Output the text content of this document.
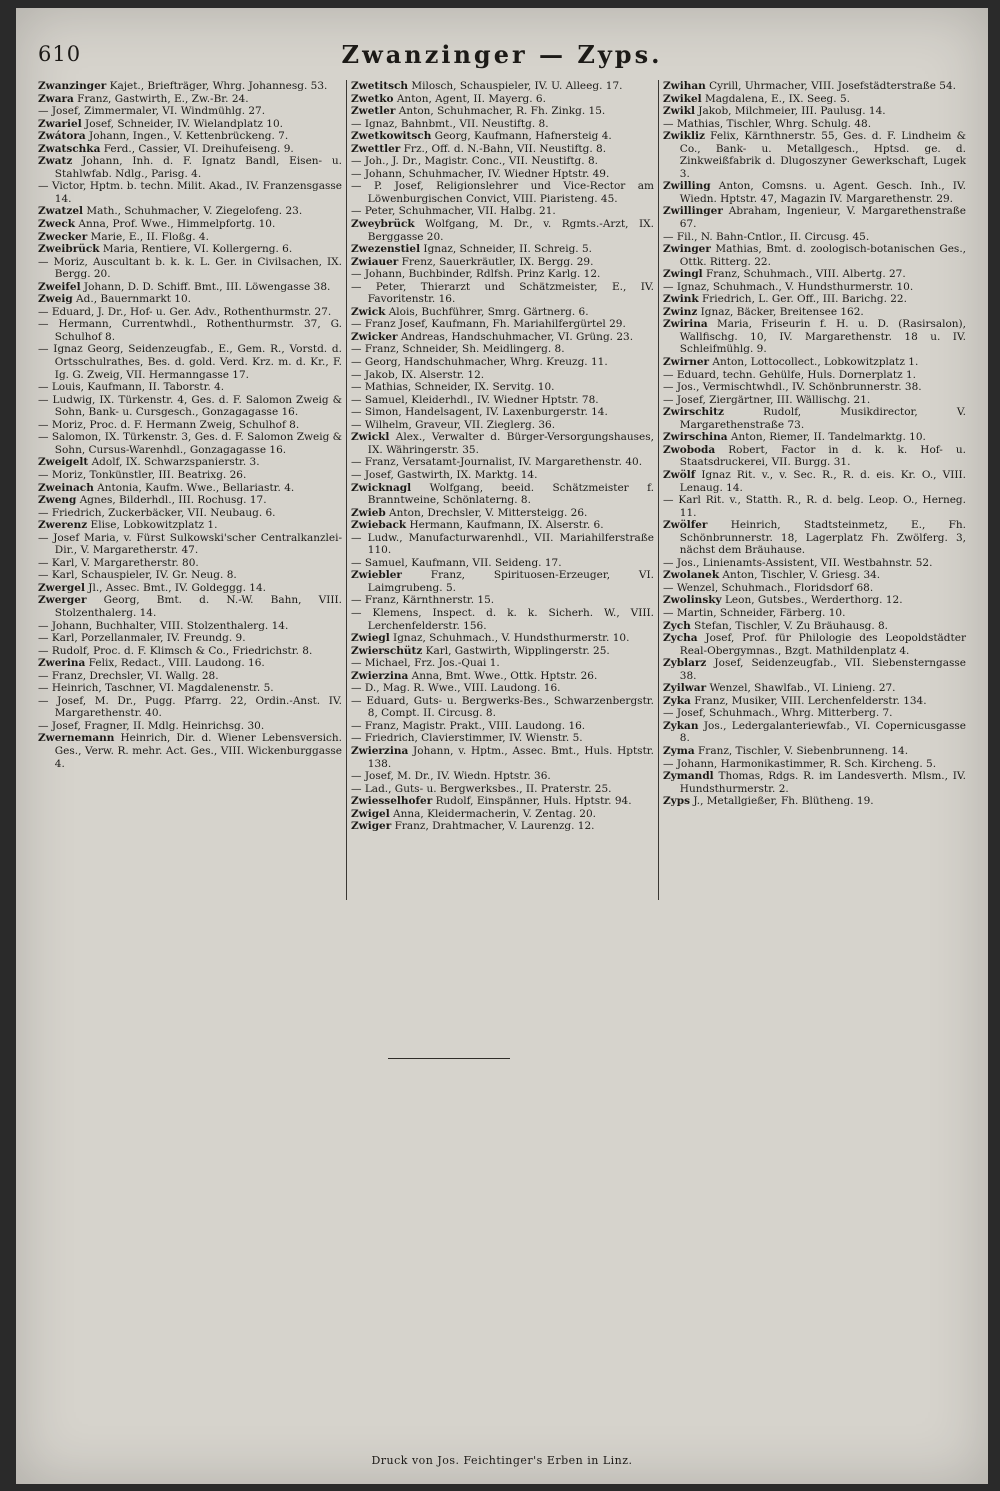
610	Zwanzinger — Zyps.

Zwanzinger Kajet., Briefträger, Whrg. Johannesg. 53.

Zwara Franz, Gastwirth, E., Zw.-Br. 24.

— Josef, Zimmermaler, VI. Windmühlg. 27.

Zwariel Josef, Schneider, IV. Wielandplatz 10.

Zwátora Johann, Ingen., V. Kettenbrückeng. 7.

Zwatschka Ferd., Cassier, VI. Dreihufeiseng. 9.

Zwatz Johann, Inh. d. F. Ignatz Bandl, Eisen- u. Stahlwfab. Ndlg., Parisg. 4.

— Victor, Hptm. b. techn. Milit. Akad., IV. Franzensgasse 14.

Zwatzel Math., Schuhmacher, V. Ziegelofeng. 23.

Zweck Anna, Prof. Wwe., Himmelpfortg. 10.

Zwecker Marie, E., II. Floßg. 4.

Zweibrück Maria, Rentiere, VI. Kollergerng. 6.

— Moriz, Auscultant b. k. k. L. Ger. in Civilsachen, IX. Bergg. 20.

Zweifel Johann, D. D. Schiff. Bmt., III. Löwengasse 38.

Zweig Ad., Bauernmarkt 10.

— Eduard, J. Dr., Hof- u. Ger. Adv., Rothenthurmstr. 27.

— Hermann, Currentwhdl., Rothenthurmstr. 37, G. Schulhof 8.

— Ignaz Georg, Seidenzeugfab., E., Gem. R., Vorstd. d. Ortsschulrathes, Bes. d. gold. Verd. Krz. m. d. Kr., F. Ig. G. Zweig, VII. Hermanngasse 17.

— Louis, Kaufmann, II. Taborstr. 4.

— Ludwig, IX. Türkenstr. 4, Ges. d. F. Salomon Zweig & Sohn, Bank- u. Cursgesch., Gonzagagasse 16.

— Moriz, Proc. d. F. Hermann Zweig, Schulhof 8.

— Salomon, IX. Türkenstr. 3, Ges. d. F. Salomon Zweig & Sohn, Cursus-Warenhdl., Gonzagagasse 16.

Zweigelt Adolf, IX. Schwarzspanierstr. 3.

— Moriz, Tonkünstler, III. Beatrixg. 26.

Zweinach Antonia, Kaufm. Wwe., Bellariastr. 4.

Zweng Agnes, Bilderhdl., III. Rochusg. 17.

— Friedrich, Zuckerbäcker, VII. Neubaug. 6.

Zwerenz Elise, Lobkowitzplatz 1.

— Josef Maria, v. Fürst Sulkowski'scher Centralkanzlei-Dir., V. Margaretherstr. 47.

— Karl, V. Margaretherstr. 80.

— Karl, Schauspieler, IV. Gr. Neug. 8.

Zwergel Jl., Assec. Bmt., IV. Goldeggg. 14.

Zwerger Georg, Bmt. d. N.-W. Bahn, VIII. Stolzenthalerg. 14.

— Johann, Buchhalter, VIII. Stolzenthalerg. 14.

— Karl, Porzellanmaler, IV. Freundg. 9.

— Rudolf, Proc. d. F. Klimsch & Co., Friedrichstr. 8.

Zwerina Felix, Redact., VIII. Laudong. 16.

— Franz, Drechsler, VI. Wallg. 28.

— Heinrich, Taschner, VI. Magdalenenstr. 5.

— Josef, M. Dr., Pugg. Pfarrg. 22, Ordin.-Anst. IV. Margarethenstr. 40.

— Josef, Fragner, II. Mdlg. Heinrichsg. 30.

Zwernemann Heinrich, Dir. d. Wiener Lebensversich. Ges., Verw. R. mehr. Act. Ges., VIII. Wickenburggasse 4.

Zwetitsch Milosch, Schauspieler, IV. U. Alleeg. 17.

Zwetko Anton, Agent, II. Mayerg. 6.

Zwetler Anton, Schuhmacher, R. Fh. Zinkg. 15.

— Ignaz, Bahnbmt., VII. Neustiftg. 8.

Zwetkowitsch Georg, Kaufmann, Hafnersteig 4.

Zwettler Frz., Off. d. N.-Bahn, VII. Neustiftg. 8.

— Joh., J. Dr., Magistr. Conc., VII. Neustiftg. 8.

— Johann, Schuhmacher, IV. Wiedner Hptstr. 49.

— P. Josef, Religionslehrer und Vice-Rector am Löwenburgischen Convict, VIII. Piaristeng. 45.

— Peter, Schuhmacher, VII. Halbg. 21.

Zweybrück Wolfgang, M. Dr., v. Rgmts.-Arzt, IX. Berggasse 20.

Zwezenstiel Ignaz, Schneider, II. Schreig. 5.

Zwiauer Frenz, Sauerkräutler, IX. Bergg. 29.

— Johann, Buchbinder, Rdlfsh. Prinz Karlg. 12.

— Peter, Thierarzt und Schätzmeister, E., IV. Favoritenstr. 16.

Zwick Alois, Buchführer, Smrg. Gärtnerg. 6.

— Franz Josef, Kaufmann, Fh. Mariahilfergürtel 29.

Zwicker Andreas, Handschuhmacher, VI. Grüng. 23.

— Franz, Schneider, Sh. Meidlingerg. 8.

— Georg, Handschuhmacher, Whrg. Kreuzg. 11.

— Jakob, IX. Alserstr. 12.

— Mathias, Schneider, IX. Servitg. 10.

— Samuel, Kleiderhdl., IV. Wiedner Hptstr. 78.

— Simon, Handelsagent, IV. Laxenburgerstr. 14.

— Wilhelm, Graveur, VII. Zieglerg. 36.

Zwickl Alex., Verwalter d. Bürger-Versorgungshauses, IX. Währingerstr. 35.

— Franz, Versatamt-Journalist, IV. Margarethenstr. 40.

— Josef, Gastwirth, IX. Marktg. 14.

Zwicknagl Wolfgang, beeid. Schätzmeister f. Branntweine, Schönlaterng. 8.

Zwieb Anton, Drechsler, V. Mittersteigg. 26.

Zwieback Hermann, Kaufmann, IX. Alserstr. 6.

— Ludw., Manufacturwarenhdl., VII. Mariahilferstraße 110.

— Samuel, Kaufmann, VII. Seideng. 17.

Zwiebler Franz, Spirituosen-Erzeuger, VI. Laimgrubeng. 5.

— Franz, Kärnthnerstr. 15.

— Klemens, Inspect. d. k. k. Sicherh. W., VIII. Lerchenfelderstr. 156.

Zwiegl Ignaz, Schuhmach., V. Hundsthurmerstr. 10.

Zwierschütz Karl, Gastwirth, Wipplingerstr. 25.

— Michael, Frz. Jos.-Quai 1.

Zwierzina Anna, Bmt. Wwe., Ottk. Hptstr. 26.

— D., Mag. R. Wwe., VIII. Laudong. 16.

— Eduard, Guts- u. Bergwerks-Bes., Schwarzenbergstr. 8, Compt. II. Circusg. 8.

— Franz, Magistr. Prakt., VIII. Laudong. 16.

— Friedrich, Clavierstimmer, IV. Wienstr. 5.

Zwierzina Johann, v. Hptm., Assec. Bmt., Huls. Hptstr. 138.

— Josef, M. Dr., IV. Wiedn. Hptstr. 36.

— Lad., Guts- u. Bergwerksbes., II. Praterstr. 25.

Zwiesselhofer Rudolf, Einspänner, Huls. Hptstr. 94.

Zwigel Anna, Kleidermacherin, V. Zentag. 20.

Zwiger Franz, Drahtmacher, V. Laurenzg. 12.

Zwihan Cyrill, Uhrmacher, VIII. Josefstädterstraße 54.

Zwikel Magdalena, E., IX. Seeg. 5.

Zwikl Jakob, Milchmeier, III. Paulusg. 14.

— Mathias, Tischler, Whrg. Schulg. 48.

Zwikliz Felix, Kärnthnerstr. 55, Ges. d. F. Lindheim & Co., Bank- u. Metallgesch., Hptsd. ge. d. Zinkweißfabrik d. Dlugoszyner Gewerkschaft, Lugek 3.

Zwilling Anton, Comsns. u. Agent. Gesch. Inh., IV. Wiedn. Hptstr. 47, Magazin IV. Margarethenstr. 29.

Zwillinger Abraham, Ingenieur, V. Margarethenstraße 67.

— Fil., N. Bahn-Cntlor., II. Circusg. 45.

Zwinger Mathias, Bmt. d. zoologisch-botanischen Ges., Ottk. Ritterg. 22.

Zwingl Franz, Schuhmach., VIII. Albertg. 27.

— Ignaz, Schuhmach., V. Hundsthurmerstr. 10.

Zwink Friedrich, L. Ger. Off., III. Barichg. 22.

Zwinz Ignaz, Bäcker, Breitensee 162.

Zwirina Maria, Friseurin f. H. u. D. (Rasirsalon), Wallfischg. 10, IV. Margarethenstr. 18 u. IV. Schleifmühlg. 9.

Zwirner Anton, Lottocollect., Lobkowitzplatz 1.

— Eduard, techn. Gehülfe, Huls. Dornerplatz 1.

— Jos., Vermischtwhdl., IV. Schönbrunnerstr. 38.

— Josef, Ziergärtner, III. Wällischg. 21.

Zwirschitz Rudolf, Musikdirector, V. Margarethenstraße 73.

Zwirschina Anton, Riemer, II. Tandelmarktg. 10.

Zwoboda Robert, Factor in d. k. k. Hof- u. Staatsdruckerei, VII. Burgg. 31.

Zwölf Ignaz Rit. v., v. Sec. R., R. d. eis. Kr. O., VIII. Lenaug. 14.

— Karl Rit. v., Statth. R., R. d. belg. Leop. O., Herneg. 11.

Zwölfer Heinrich, Stadtsteinmetz, E., Fh. Schönbrunnerstr. 18, Lagerplatz Fh. Zwölferg. 3, nächst dem Bräuhause.

— Jos., Linienamts-Assistent, VII. Westbahnstr. 52.

Zwolanek Anton, Tischler, V. Griesg. 34.

— Wenzel, Schuhmach., Floridsdorf 68.

Zwolinsky Leon, Gutsbes., Werderthorg. 12.

— Martin, Schneider, Färberg. 10.

Zych Stefan, Tischler, V. Zu Bräuhausg. 8.

Zycha Josef, Prof. für Philologie des Leopoldstädter Real-Obergymnas., Bzgt. Mathildenplatz 4.

Zyblarz Josef, Seidenzeugfab., VII. Siebensterngasse 38.

Zyilwar Wenzel, Shawlfab., VI. Linieng. 27.

Zyka Franz, Musiker, VIII. Lerchenfelderstr. 134.

— Josef, Schuhmach., Whrg. Mitterberg. 7.

Zykan Jos., Ledergalanteriewfab., VI. Copernicusgasse 8.

Zyma Franz, Tischler, V. Siebenbrunneng. 14.

— Johann, Harmonikastimmer, R. Sch. Kircheng. 5.

Zymandl Thomas, Rdgs. R. im Landesverth. Mlsm., IV. Hundsthurmerstr. 2.

Zyps J., Metallgießer, Fh. Blütheng. 19.

Druck von Jos. Feichtinger's Erben in Linz.
